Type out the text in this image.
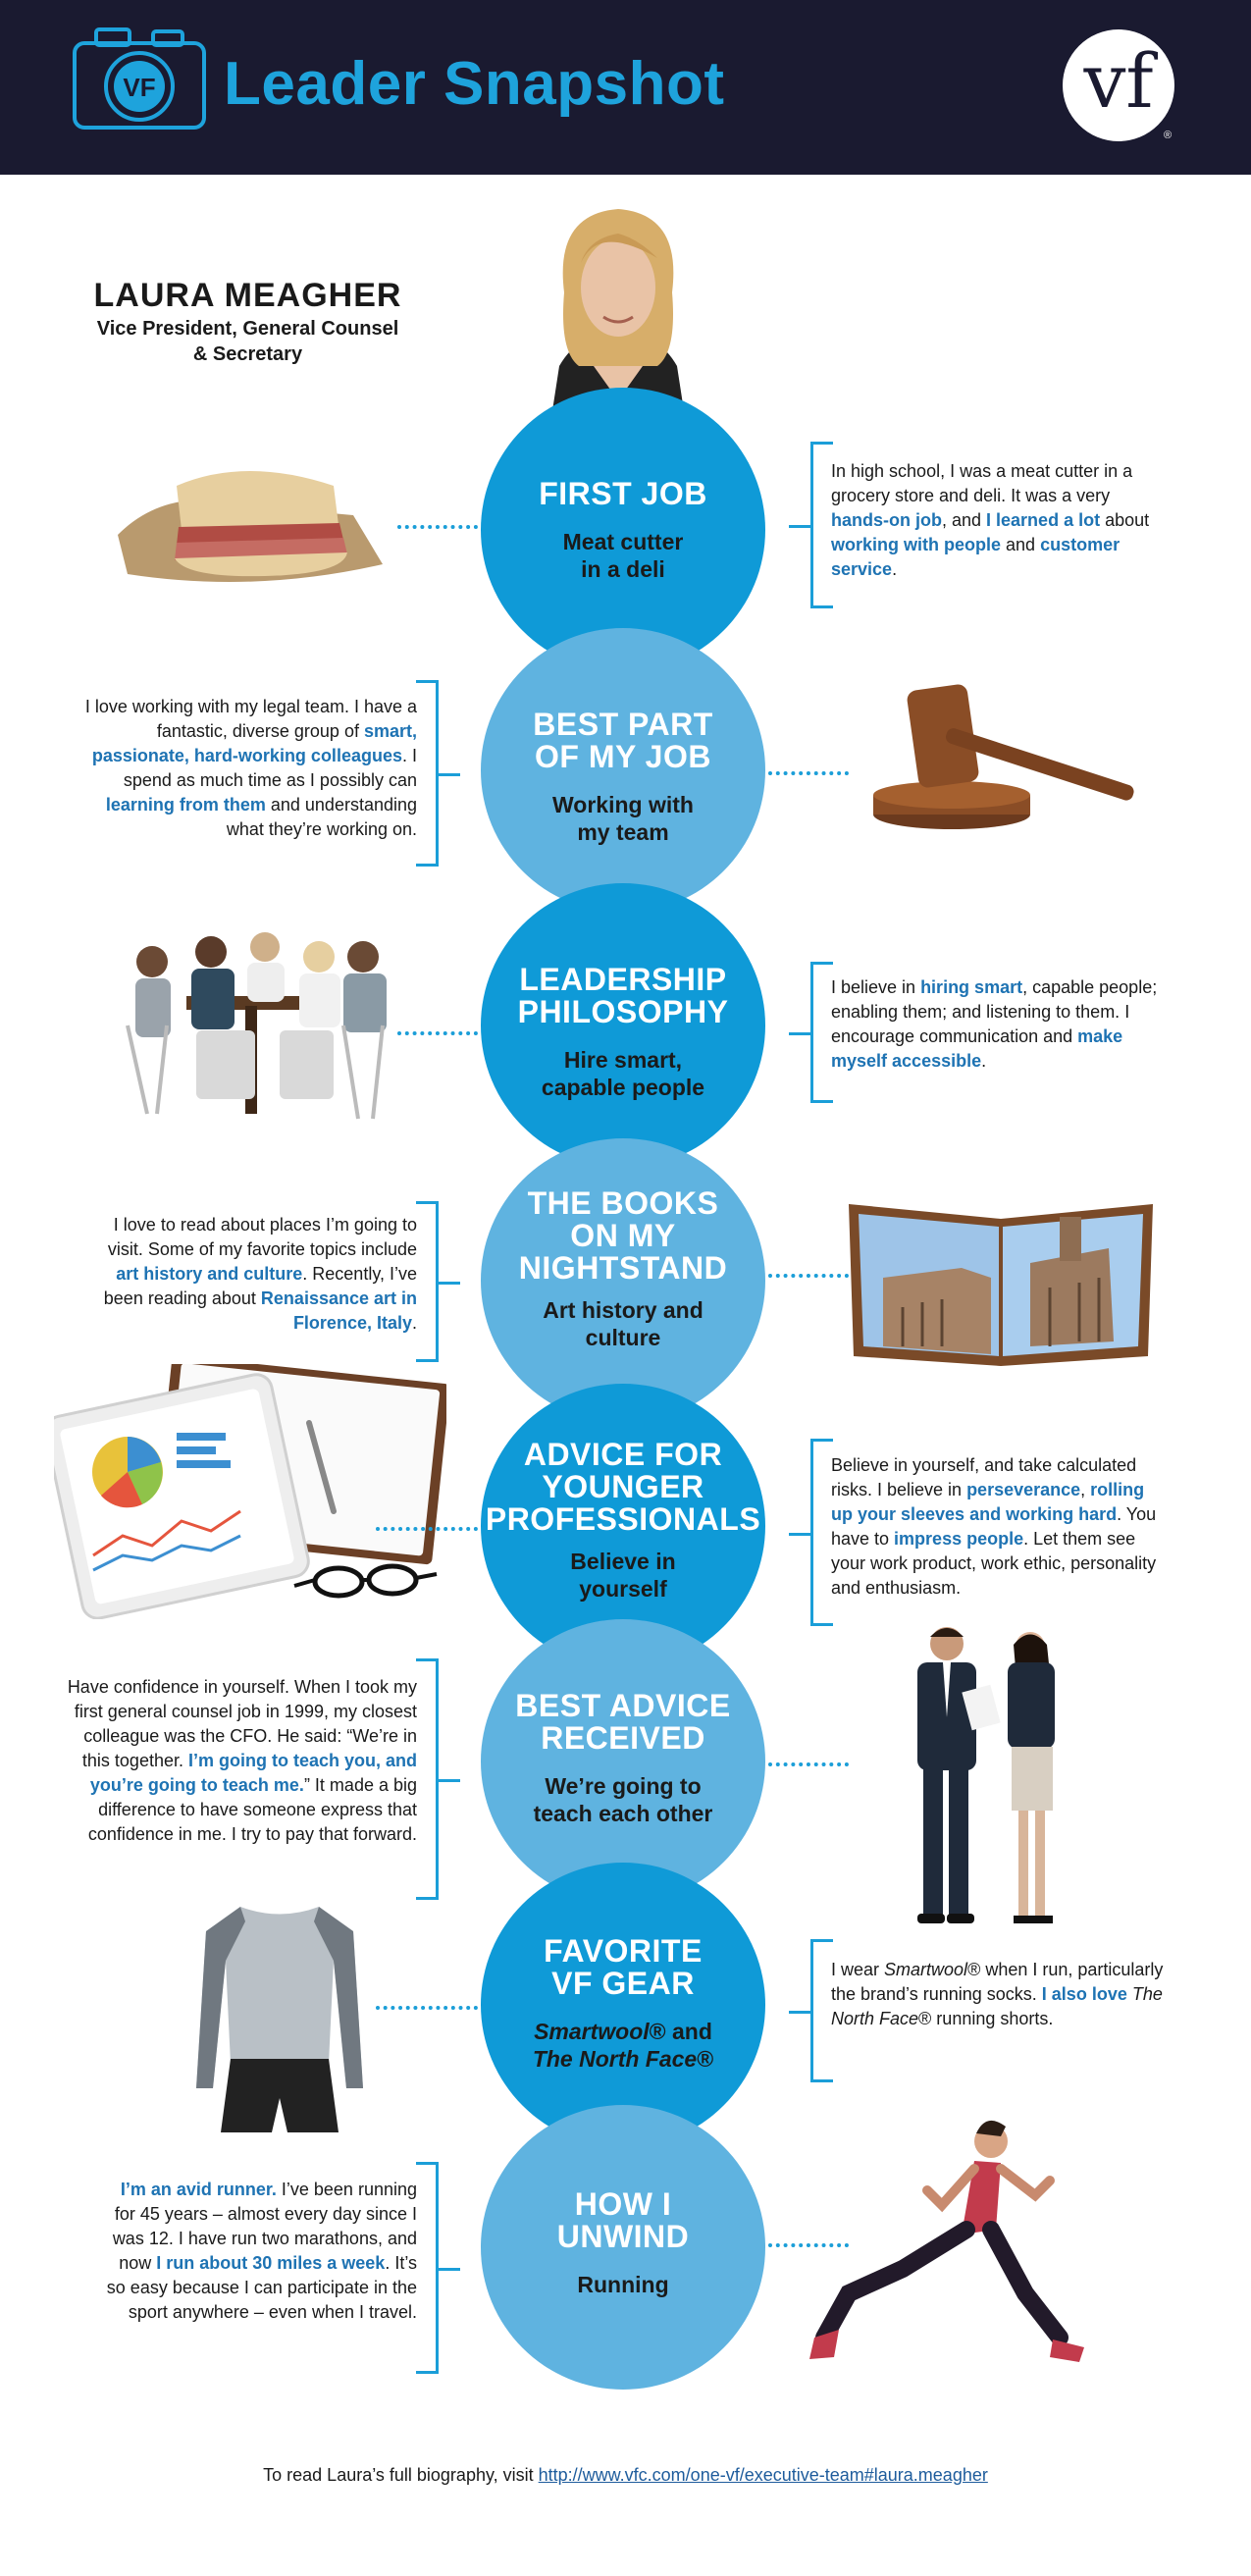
VF Leader Snapshot	vf
®
LAURA MEAGHER
Vice President, General Counsel
& Secretary
FIRST JOB
Meat cutter
in a deli
In high school, I was a meat cutter in a grocery store and deli. It was a very hands-on job, and I learned a lot about working with people and customer service.
BEST PART
OF MY JOB
Working with
my team
I love working with my legal team. I have a fantastic, diverse group of smart, passionate, hard-working colleagues. I spend as much time as I possibly can learning from them and understanding what they’re working on.
LEADERSHIP
PHILOSOPHY
Hire smart,
capable people
I believe in hiring smart, capable people; enabling them; and listening to them. I encourage communication and make myself accessible.
THE BOOKS
ON MY
NIGHTSTAND
Art history and
culture
I love to read about places I’m going to visit. Some of my favorite topics include art history and culture. Recently, I’ve been reading about Renaissance art in Florence, Italy.
ADVICE FOR
YOUNGER
PROFESSIONALS
Believe in
yourself
Believe in yourself, and take calculated risks. I believe in perseverance, rolling up your sleeves and working hard. You have to impress people. Let them see your work product, work ethic, personality and enthusiasm.
BEST ADVICE
RECEIVED
We’re going to
teach each other
Have confidence in yourself. When I took my first general counsel job in 1999, my closest colleague was the CFO. He said: “We’re in this together. I’m going to teach you, and you’re going to teach me.” It made a big difference to have someone express that confidence in me. I try to pay that forward.
FAVORITE
VF GEAR
Smartwool® and
The North Face®
I wear Smartwool® when I run, particularly the brand’s running socks. I also love The North Face® running shorts.
HOW I
UNWIND
Running
I’m an avid runner. I’ve been running for 45 years – almost every day since I was 12. I have run two marathons, and now I run about 30 miles a week. It’s so easy because I can participate in the sport anywhere – even when I travel.
To read Laura’s full biography, visit http://www.vfc.com/one-vf/executive-team#laura.meagher
